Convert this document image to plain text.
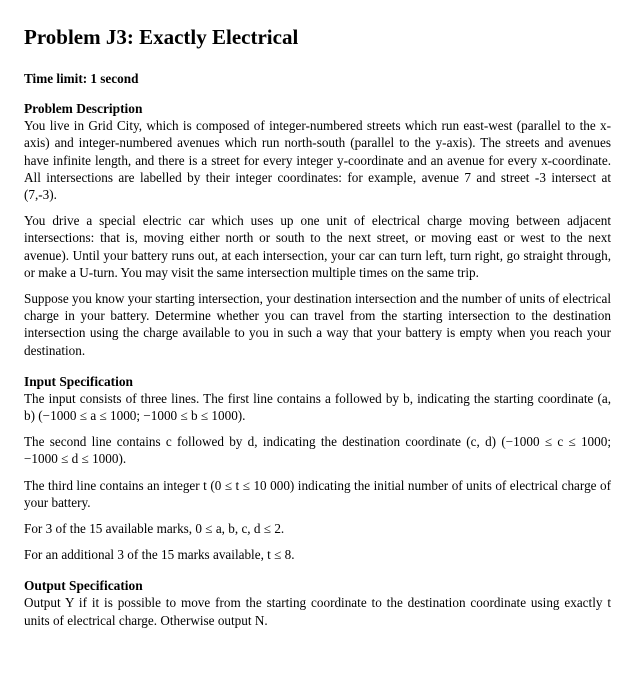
Problem J3: Exactly Electrical
Time limit: 1 second
Problem Description

You live in Grid City, which is composed of integer-numbered streets which run east-west (parallel to the x-axis) and integer-numbered avenues which run north-south (parallel to the y-axis). The streets and avenues have infinite length, and there is a street for every integer y-coordinate and an avenue for every x-coordinate. All intersections are labelled by their integer coordinates: for example, avenue 7 and street -3 intersect at (7,-3).

You drive a special electric car which uses up one unit of electrical charge moving between adjacent intersections: that is, moving either north or south to the next street, or moving east or west to the next avenue). Until your battery runs out, at each intersection, your car can turn left, turn right, go straight through, or make a U-turn. You may visit the same intersection multiple times on the same trip.

Suppose you know your starting intersection, your destination intersection and the number of units of electrical charge in your battery. Determine whether you can travel from the starting intersection to the destination intersection using the charge available to you in such a way that your battery is empty when you reach your destination.

Input Specification

The input consists of three lines. The first line contains a followed by b, indicating the starting coordinate (a, b) (−1000 ≤ a ≤ 1000; −1000 ≤ b ≤ 1000).

The second line contains c followed by d, indicating the destination coordinate (c, d) (−1000 ≤ c ≤ 1000; −1000 ≤ d ≤ 1000).

The third line contains an integer t (0 ≤ t ≤ 10 000) indicating the initial number of units of electrical charge of your battery.

For 3 of the 15 available marks, 0 ≤ a, b, c, d ≤ 2.

For an additional 3 of the 15 marks available, t ≤ 8.

Output Specification

Output Y if it is possible to move from the starting coordinate to the destination coordinate using exactly t units of electrical charge. Otherwise output N.
